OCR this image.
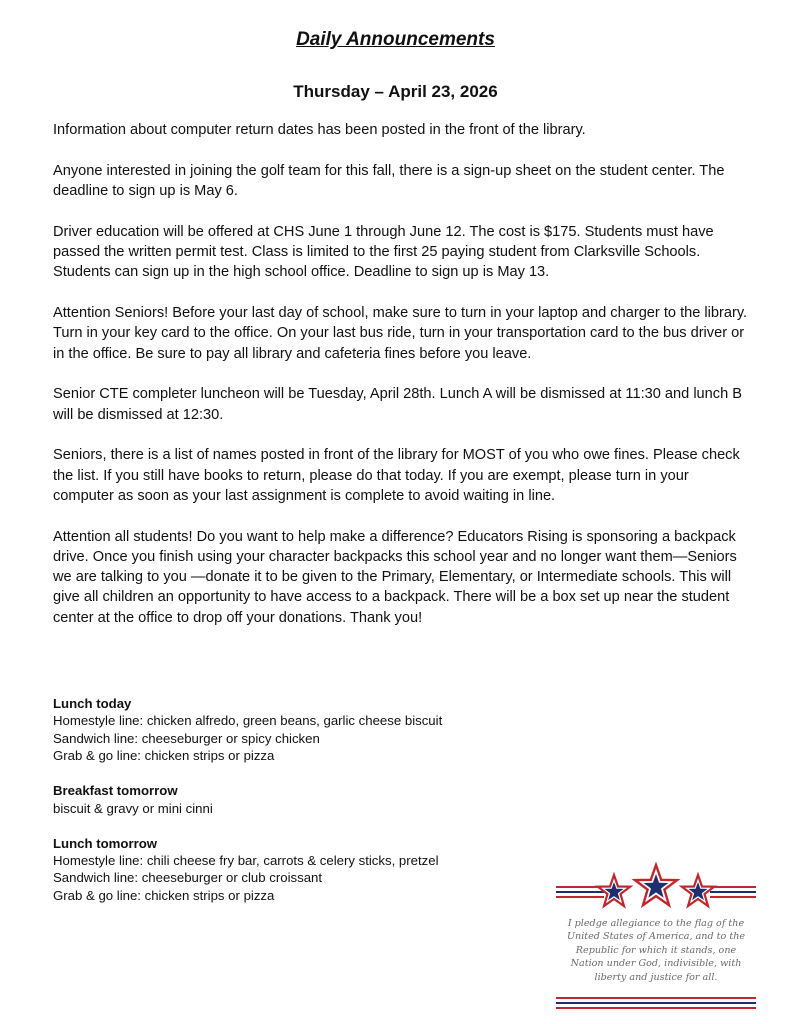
Daily Announcements
Thursday – April 23, 2026

Information about computer return dates has been posted in the front of the library.

Anyone interested in joining the golf team for this fall, there is a sign-up sheet on the student center. The deadline to sign up is May 6.

Driver education will be offered at CHS June 1 through June 12. The cost is $175. Students must have passed the written permit test. Class is limited to the first 25 paying student from Clarksville Schools. Students can sign up in the high school office. Deadline to sign up is May 13.

Attention Seniors! Before your last day of school, make sure to turn in your laptop and charger to the library. Turn in your key card to the office. On your last bus ride, turn in your transportation card to the bus driver or in the office. Be sure to pay all library and cafeteria fines before you leave.

Senior CTE completer luncheon will be Tuesday, April 28th. Lunch A will be dismissed at 11:30 and lunch B will be dismissed at 12:30.

Seniors, there is a list of names posted in front of the library for MOST of you who owe fines. Please check the list. If you still have books to return, please do that today. If you are exempt, please turn in your computer as soon as your last assignment is complete to avoid waiting in line.

Attention all students! Do you want to help make a difference? Educators Rising is sponsoring a backpack drive. Once you finish using your character backpacks this school year and no longer want them—Seniors we are talking to you —donate it to be given to the Primary, Elementary, or Intermediate schools. This will give all children an opportunity to have access to a backpack. There will be a box set up near the student center at the office to drop off your donations. Thank you!

Lunch today
Homestyle line: chicken alfredo, green beans, garlic cheese biscuit
Sandwich line: cheeseburger or spicy chicken
Grab & go line: chicken strips or pizza
Breakfast tomorrow
biscuit & gravy or mini cinni
Lunch tomorrow
Homestyle line: chili cheese fry bar, carrots & celery sticks, pretzel
Sandwich line: cheeseburger or club croissant
Grab & go line: chicken strips or pizza
I pledge allegiance to the flag of the
United States of America, and to the
Republic for which it stands, one
Nation under God, indivisible, with
liberty and justice for all.
